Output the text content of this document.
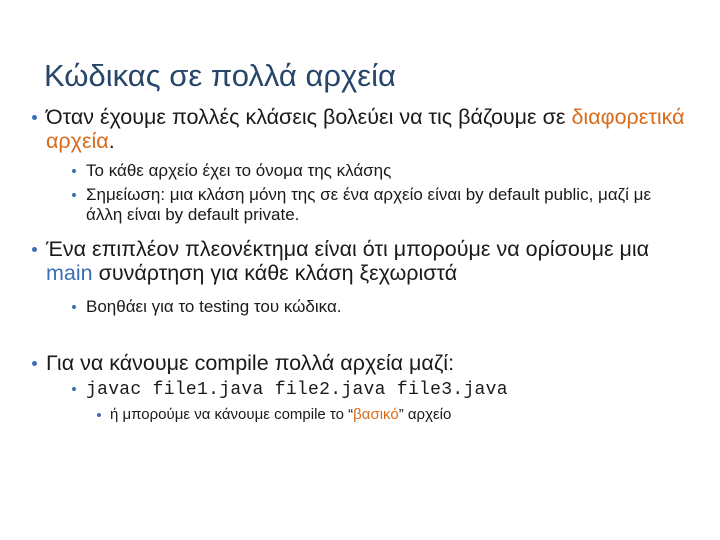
Κώδικας σε πολλά αρχεία
Όταν έχουμε πολλές κλάσεις βολεύει να τις βάζουμε σε διαφορετικά αρχεία.
Το κάθε αρχείο έχει το όνομα της κλάσης
Σημείωση: μια κλάση μόνη της σε ένα αρχείο είναι by default public, μαζί με άλλη είναι by default private.
Ένα επιπλέον πλεονέκτημα είναι ότι μπορούμε να ορίσουμε μια main συνάρτηση για κάθε κλάση ξεχωριστά
Βοηθάει για το testing του κώδικα.
Για να κάνουμε compile πολλά αρχεία μαζί:
javac file1.java file2.java file3.java
ή μπορούμε να κάνουμε compile το “βασικό” αρχείο
